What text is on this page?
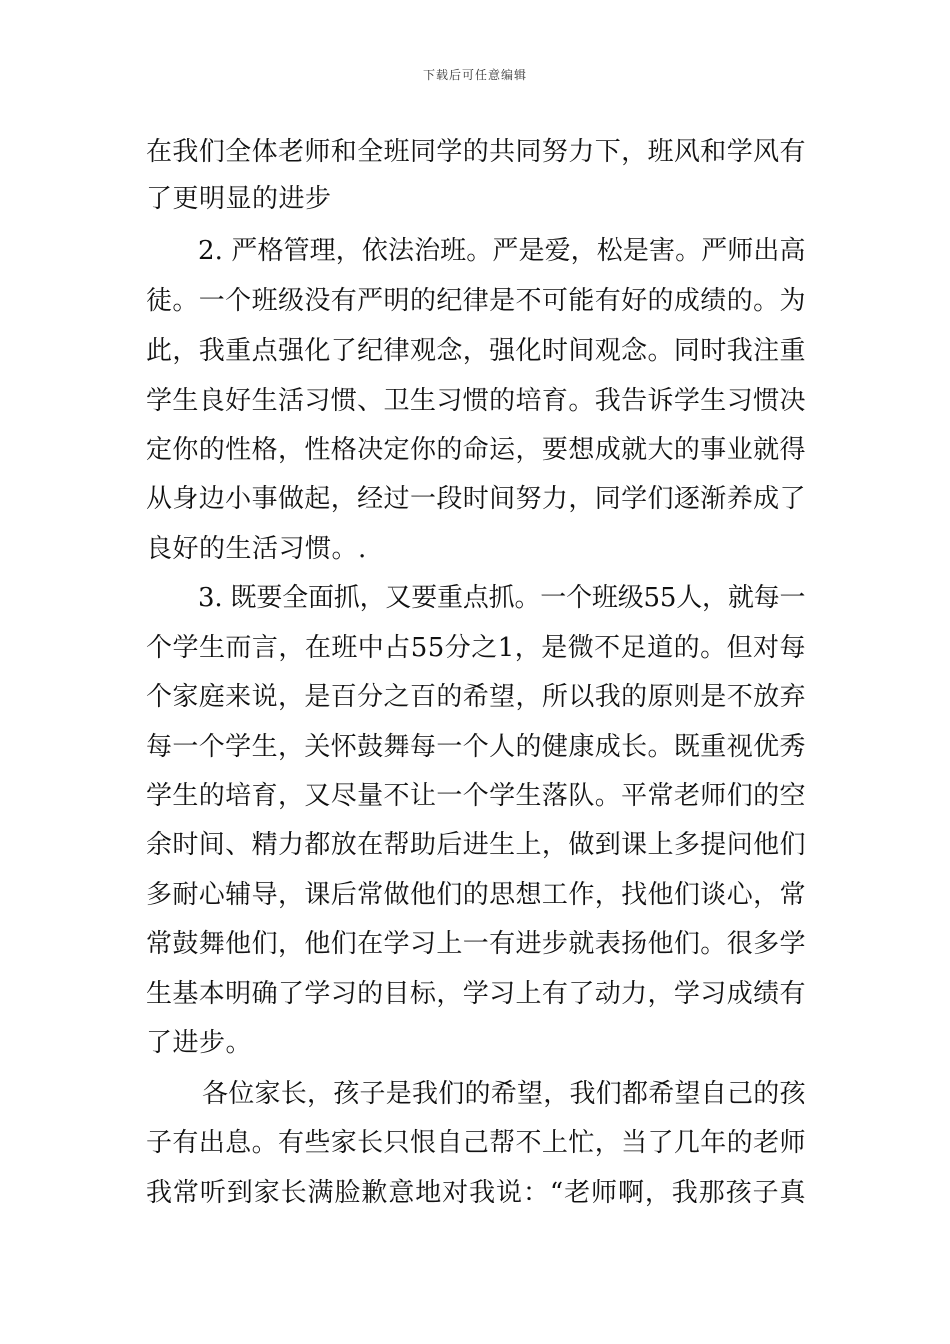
下载后可任意编辑
在我们全体老师和全班同学的共同努力下，班风和学风有
了更明显的进步
2. 严格管理，依法治班。严是爱，松是害。严师出高
徒。一个班级没有严明的纪律是不可能有好的成绩的。为
此，我重点强化了纪律观念，强化时间观念。同时我注重
学生良好生活习惯、卫生习惯的培育。我告诉学生习惯决
定你的性格，性格决定你的命运，要想成就大的事业就得
从身边小事做起，经过一段时间努力，同学们逐渐养成了
良好的生活习惯。.
3. 既要全面抓，又要重点抓。一个班级55人，就每一
个学生而言，在班中占55分之1，是微不足道的。但对每
个家庭来说，是百分之百的希望，所以我的原则是不放弃
每一个学生，关怀鼓舞每一个人的健康成长。既重视优秀
学生的培育，又尽量不让一个学生落队。平常老师们的空
余时间、精力都放在帮助后进生上，做到课上多提问他们
多耐心辅导，课后常做他们的思想工作，找他们谈心，常
常鼓舞他们，他们在学习上一有进步就表扬他们。很多学
生基本明确了学习的目标，学习上有了动力，学习成绩有
了进步。
各位家长，孩子是我们的希望，我们都希望自己的孩
子有出息。有些家长只恨自己帮不上忙，当了几年的老师
我常听到家长满脸歉意地对我说：“老师啊，我那孩子真
